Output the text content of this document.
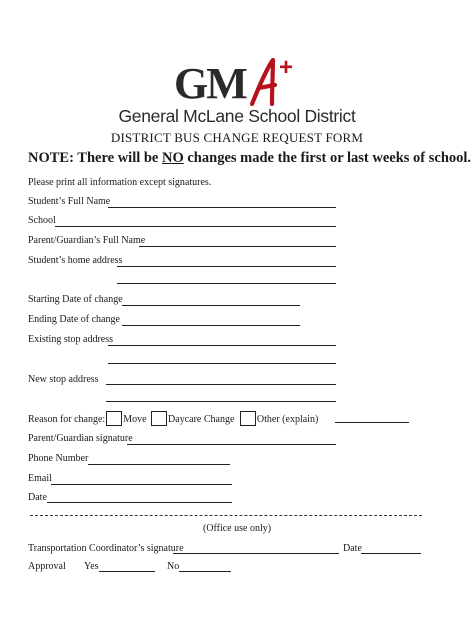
GM
A +
General McLane School District
DISTRICT BUS CHANGE REQUEST FORM
NOTE: There will be NO changes made the first or last weeks of school.
Please print all information except signatures.
Student’s Full Name
School
Parent/Guardian’s Full Name
Student’s home address
Starting Date of change
Ending Date of change
Existing stop address
New stop address
Reason for change: Move Daycare Change Other (explain)
Parent/Guardian signature
Phone Number
Email
Date
(Office use only)
Transportation Coordinator’s signature	Date
Approval Yes	No
